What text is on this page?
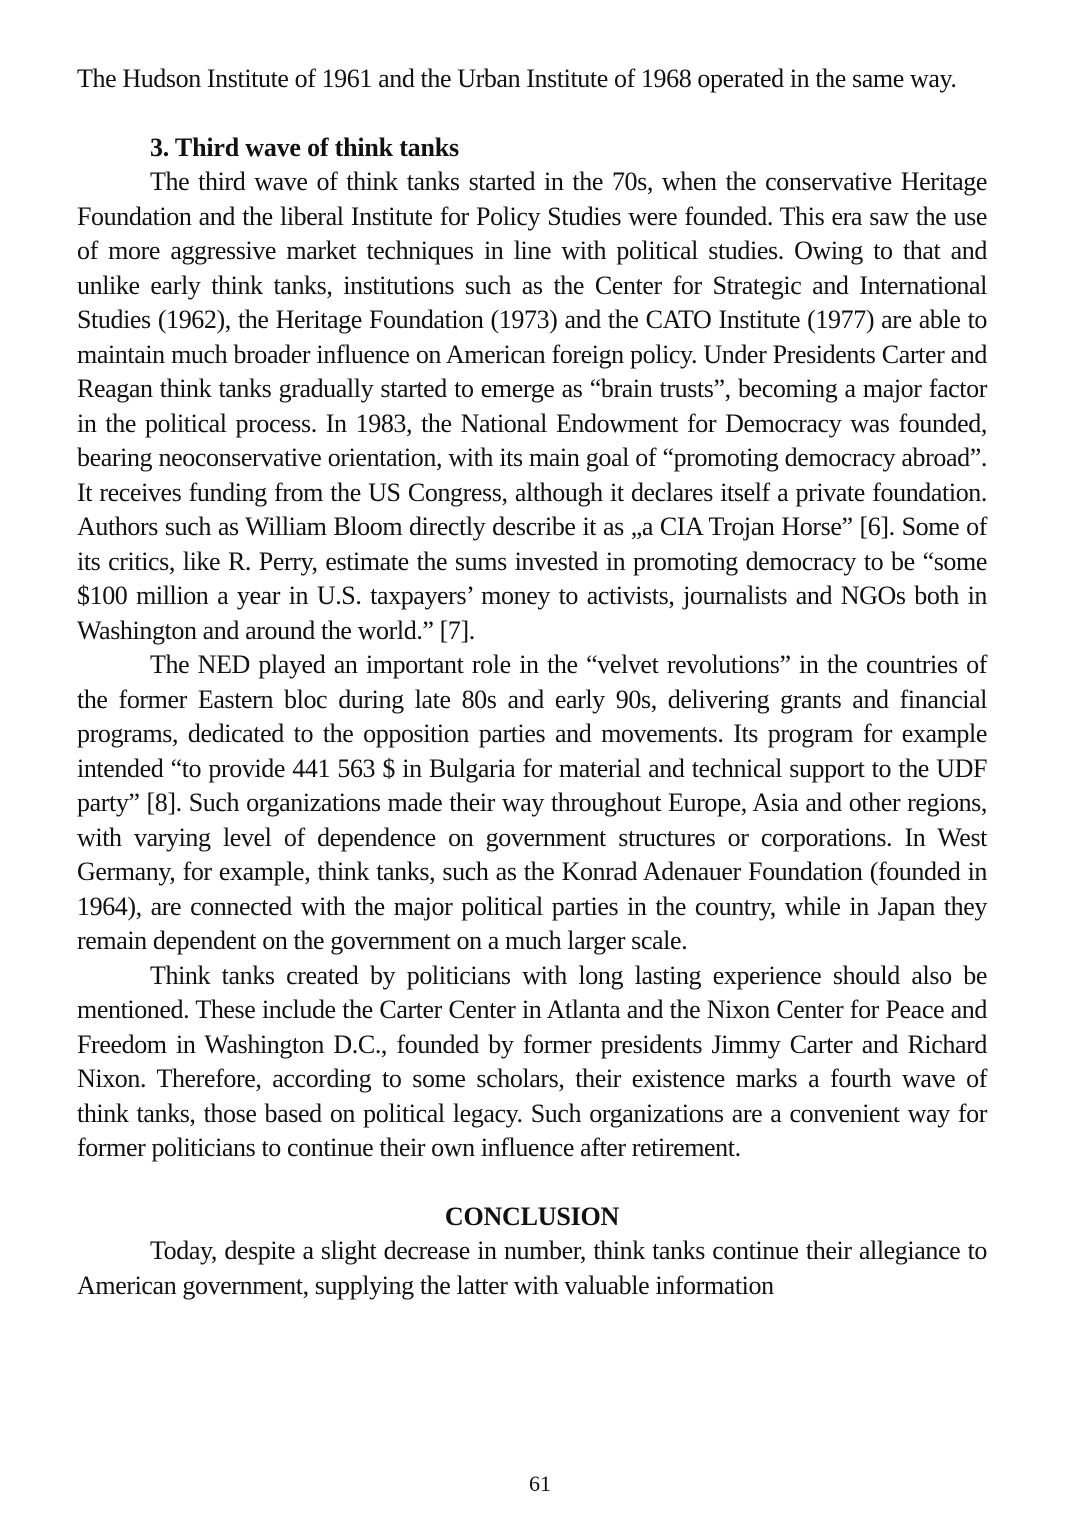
The Hudson Institute of 1961 and the Urban Institute of 1968 operated in the same way.

3. Third wave of think tanks

The third wave of think tanks started in the 70s, when the conservative Heritage Foundation and the liberal Institute for Policy Studies were founded. This era saw the use of more aggressive market techniques in line with political studies. Owing to that and unlike early think tanks, institutions such as the Center for Strategic and International Studies (1962), the Heritage Foundation (1973) and the CATO Institute (1977) are able to maintain much broader influence on American foreign policy. Under Presidents Carter and Reagan think tanks gradually started to emerge as “brain trusts”, becoming a major factor in the political process. In 1983, the National Endowment for Democracy was founded, bearing neoconservative orientation, with its main goal of “promoting democracy abroad”. It receives funding from the US Congress, although it declares itself a private foundation. Authors such as William Bloom directly describe it as „a CIA Trojan Horse” [6]. Some of its critics, like R. Perry, estimate the sums invested in promoting democracy to be “some $100 million a year in U.S. taxpayers’ money to activists, journalists and NGOs both in Washington and around the world.” [7].

The NED played an important role in the “velvet revolutions” in the countries of the former Eastern bloc during late 80s and early 90s, delivering grants and financial programs, dedicated to the opposition parties and movements. Its program for example intended “to provide 441 563 $ in Bulgaria for material and technical support to the UDF party” [8]. Such organizations made their way throughout Europe, Asia and other regions, with varying level of dependence on government structures or corporations. In West Germany, for example, think tanks, such as the Konrad Adenauer Foundation (founded in 1964), are connected with the major political parties in the country, while in Japan they remain dependent on the government on a much larger scale.

Think tanks created by politicians with long lasting experience should also be mentioned. These include the Carter Center in Atlanta and the Nixon Center for Peace and Freedom in Washington D.C., founded by former presidents Jimmy Carter and Richard Nixon. Therefore, according to some scholars, their existence marks a fourth wave of think tanks, those based on political legacy. Such organizations are a convenient way for former politicians to continue their own influence after retirement.

CONCLUSION

Today, despite a slight decrease in number, think tanks continue their allegiance to American government, supplying the latter with valuable information

61
